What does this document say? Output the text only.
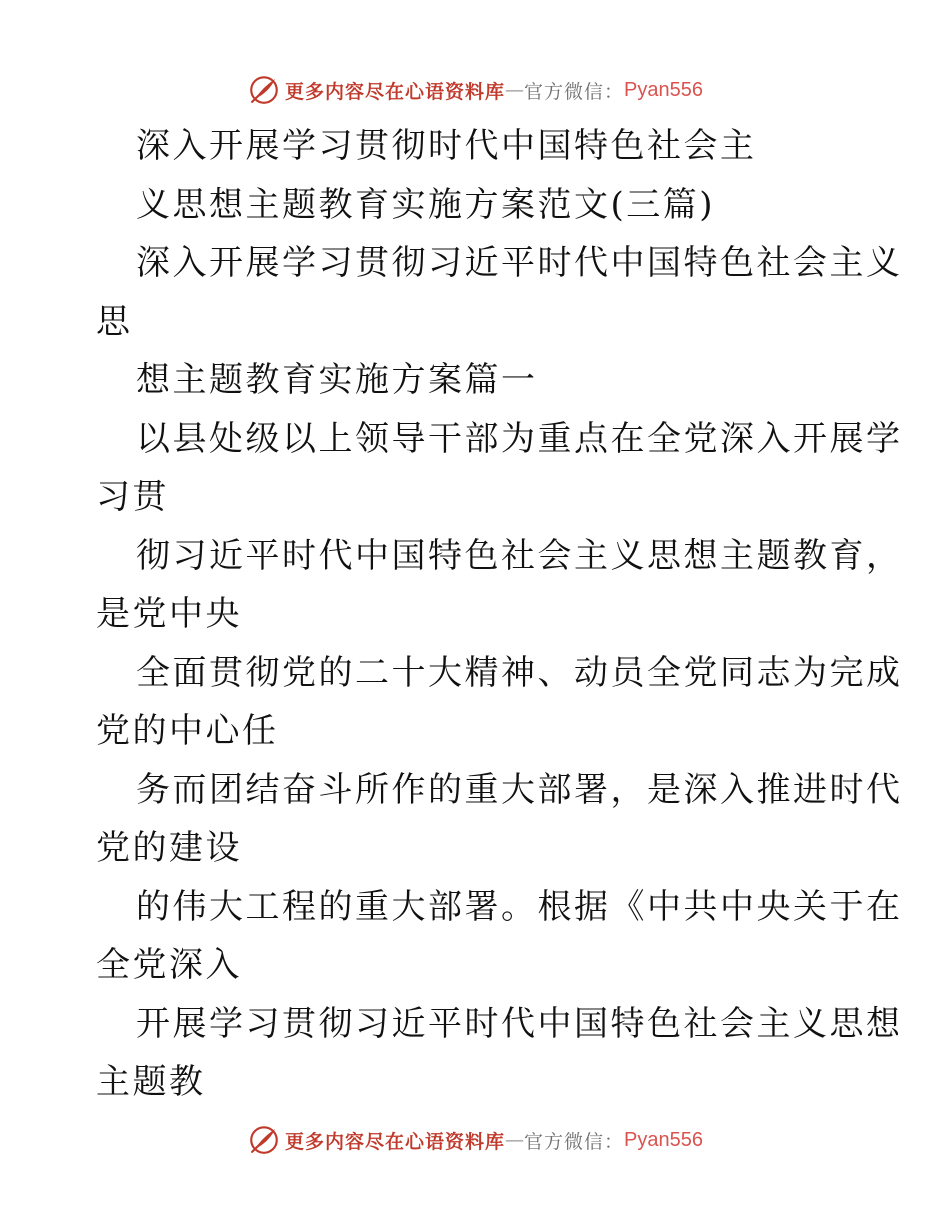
更多内容尽在心语资料库 — 官方微信： Pyan556
深入开展学习贯彻时代中国特色社会主
义思想主题教育实施方案范文(三篇)
深入开展学习贯彻习近平时代中国特色社会主义
思
想主题教育实施方案篇一
以县处级以上领导干部为重点在全党深入开展学
习贯
彻习近平时代中国特色社会主义思想主题教育，
是党中央
全面贯彻党的二十大精神、动员全党同志为完成
党的中心任
务而团结奋斗所作的重大部署，是深入推进时代
党的建设
的伟大工程的重大部署。根据《中共中央关于在
全党深入
开展学习贯彻习近平时代中国特色社会主义思想
主题教
更多内容尽在心语资料库 — 官方微信： Pyan556
